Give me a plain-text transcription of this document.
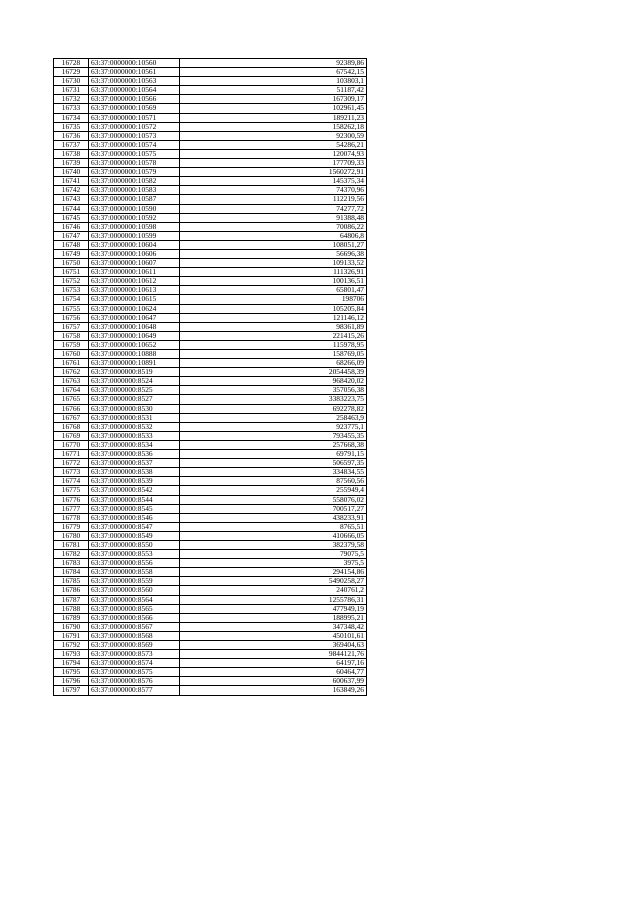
16728	63:37:0000000:10560	92389,86
16729	63:37:0000000:10561	67542,15
16730	63:37:0000000:10563	103803,1
16731	63:37:0000000:10564	51187,42
16732	63:37:0000000:10566	167309,17
16733	63:37:0000000:10569	102961,45
16734	63:37:0000000:10571	189211,23
16735	63:37:0000000:10572	158262,18
16736	63:37:0000000:10573	92300,59
16737	63:37:0000000:10574	54286,21
16738	63:37:0000000:10575	120074,93
16739	63:37:0000000:10578	177709,33
16740	63:37:0000000:10579	1560272,91
16741	63:37:0000000:10582	145375,34
16742	63:37:0000000:10583	74370,96
16743	63:37:0000000:10587	112219,56
16744	63:37:0000000:10590	74277,72
16745	63:37:0000000:10592	91388,48
16746	63:37:0000000:10598	70086,22
16747	63:37:0000000:10599	64806,8
16748	63:37:0000000:10604	108051,27
16749	63:37:0000000:10606	56696,38
16750	63:37:0000000:10607	109133,52
16751	63:37:0000000:10611	111326,91
16752	63:37:0000000:10612	100136,51
16753	63:37:0000000:10613	65801,47
16754	63:37:0000000:10615	198706
16755	63:37:0000000:10624	105205,84
16756	63:37:0000000:10647	121146,12
16757	63:37:0000000:10648	98361,89
16758	63:37:0000000:10649	221415,26
16759	63:37:0000000:10652	115978,95
16760	63:37:0000000:10888	158769,05
16761	63:37:0000000:10891	68266,09
16762	63:37:0000000:8519	2054458,39
16763	63:37:0000000:8524	968420,02
16764	63:37:0000000:8525	357056,38
16765	63:37:0000000:8527	3383223,75
16766	63:37:0000000:8530	692278,82
16767	63:37:0000000:8531	258463,9
16768	63:37:0000000:8532	923775,1
16769	63:37:0000000:8533	793455,35
16770	63:37:0000000:8534	257668,38
16771	63:37:0000000:8536	69791,15
16772	63:37:0000000:8537	506597,35
16773	63:37:0000000:8538	334834,55
16774	63:37:0000000:8539	87560,56
16775	63:37:0000000:8542	255949,4
16776	63:37:0000000:8544	558076,02
16777	63:37:0000000:8545	700517,27
16778	63:37:0000000:8546	438233,91
16779	63:37:0000000:8547	8765,51
16780	63:37:0000000:8549	410666,05
16781	63:37:0000000:8550	382379,58
16782	63:37:0000000:8553	79075,5
16783	63:37:0000000:8556	3975,5
16784	63:37:0000000:8558	294154,86
16785	63:37:0000000:8559	5490258,27
16786	63:37:0000000:8560	240761,2
16787	63:37:0000000:8564	1255786,31
16788	63:37:0000000:8565	477949,19
16789	63:37:0000000:8566	188995,21
16790	63:37:0000000:8567	347348,42
16791	63:37:0000000:8568	450101,61
16792	63:37:0000000:8569	369404,63
16793	63:37:0000000:8573	9844121,76
16794	63:37:0000000:8574	64197,16
16795	63:37:0000000:8575	60464,77
16796	63:37:0000000:8576	600637,99
16797	63:37:0000000:8577	163849,26
